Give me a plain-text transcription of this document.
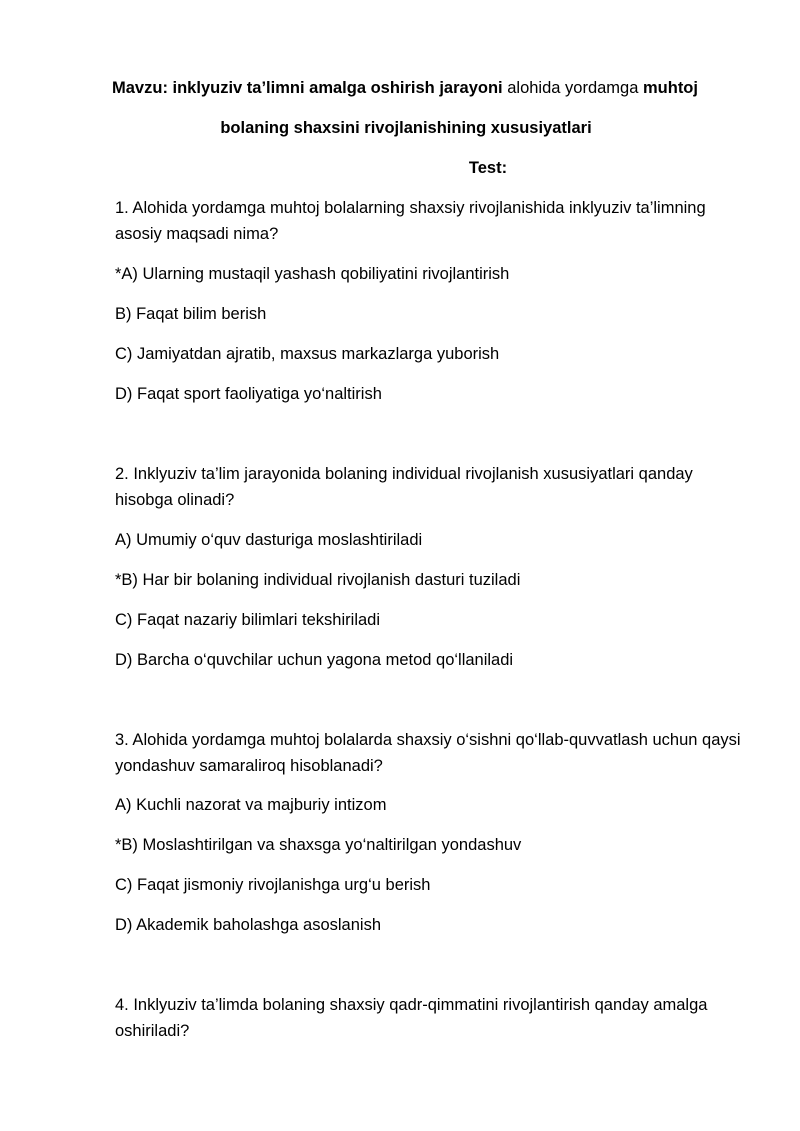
Mavzu: inklyuziv ta’limni amalga oshirish jarayoni alohida yordamga muhtoj
bolaning shaxsini rivojlanishining xususiyatlari
Test:
1. Alohida yordamga muhtoj bolalarning shaxsiy rivojlanishida inklyuziv ta’limning asosiy maqsadi nima?
*A) Ularning mustaqil yashash qobiliyatini rivojlantirish
B) Faqat bilim berish
C) Jamiyatdan ajratib, maxsus markazlarga yuborish
D) Faqat sport faoliyatiga yo‘naltirish
2. Inklyuziv ta’lim jarayonida bolaning individual rivojlanish xususiyatlari qanday hisobga olinadi?
A) Umumiy o‘quv dasturiga moslashtiriladi
*B) Har bir bolaning individual rivojlanish dasturi tuziladi
C) Faqat nazariy bilimlari tekshiriladi
D) Barcha o‘quvchilar uchun yagona metod qo‘llaniladi
3. Alohida yordamga muhtoj bolalarda shaxsiy o‘sishni qo‘llab-quvvatlash uchun qaysi yondashuv samaraliroq hisoblanadi?
A) Kuchli nazorat va majburiy intizom
*B) Moslashtirilgan va shaxsga yo‘naltirilgan yondashuv
C) Faqat jismoniy rivojlanishga urg‘u berish
D) Akademik baholashga asoslanish
4. Inklyuziv ta’limda bolaning shaxsiy qadr-qimmatini rivojlantirish qanday amalga oshiriladi?
